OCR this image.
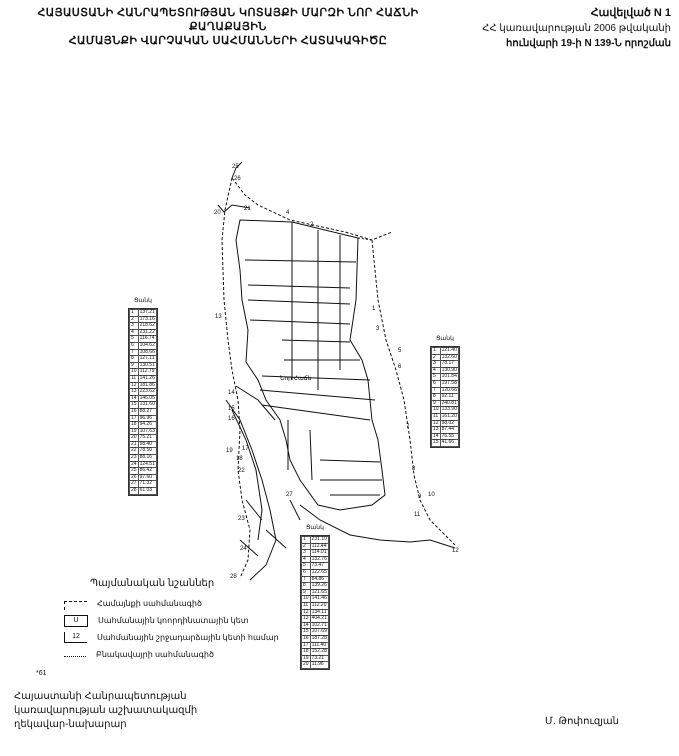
ՀԱՅԱՍՏԱՆԻ ՀԱՆՐԱՊԵՏՈՒԹՅԱՆ ԿՈՏԱՅՔԻ ՄԱՐԶԻ ՆՈՐ ՀԱՃՆԻ ՔԱՂԱՔԱՅԻՆ
ՀԱՄԱՅՆՔԻ ՎԱՐՉԱԿԱՆ ՍԱՀՄԱՆՆԵՐԻ ՀԱՏԱԿԱԳԻԾԸ
Հավելված N 1
ՀՀ կառավարության 2006 թվականի
հունվարի 19-ի N 139-Ն որոշման
Նոր Հաճն
1
2
3
4
5
6
7
8
9 10
11
12
13
14
15
16
17
18
19
20
21
22
23
24
25
26
27
28
Ցանկ
1	137.21
2	173.16
3	218.62
4	231.22
5	116.74
6	104.62
7	108.66
8	127.11
9	130.51
10	112.79
11	141.26
12	181.86
13	223.62
14	146.05
15	131.60
16	88.27
17	96.96
18	94.26
19	107.63
20	75.21
21	98.40
22	78.50
23	88.16
24	124.51
25	86.42
26	97.60
27	71.32
28	61.03
Ցանկ
1	121.40
2	132.60
3	78.17
4	130.90
5	101.84
6	197.58
7	120.66
8	92.11
9	240.81
10	133.90
11	161.20
12	98.02
13	87.44
14	76.55
15	41.66
Ցանկ
1	231.10
2	112.44
3	114.01
4	132.76
5	73.47
6	122.65
7	84.86
8	139.26
9	121.65
10	141.46
11	112.20
12	134.11
13	404.21
14	102.71
15	107.69
16	187.28
17	111.40
18	152.28
19	73.21
20	11.96
Պայմանական նշաններ
Համայնքի սահմանագիծ
U	Սահմանային կոորդինատային կետ
12	Սահմանային շրջադարձային կետի համար
Բնակավայրի սահմանագիծ
*61
Հայաստանի Հանրապետության
կառավարության աշխատակազմի
ղեկավար-նախարար	Մ. Թոփուզյան
